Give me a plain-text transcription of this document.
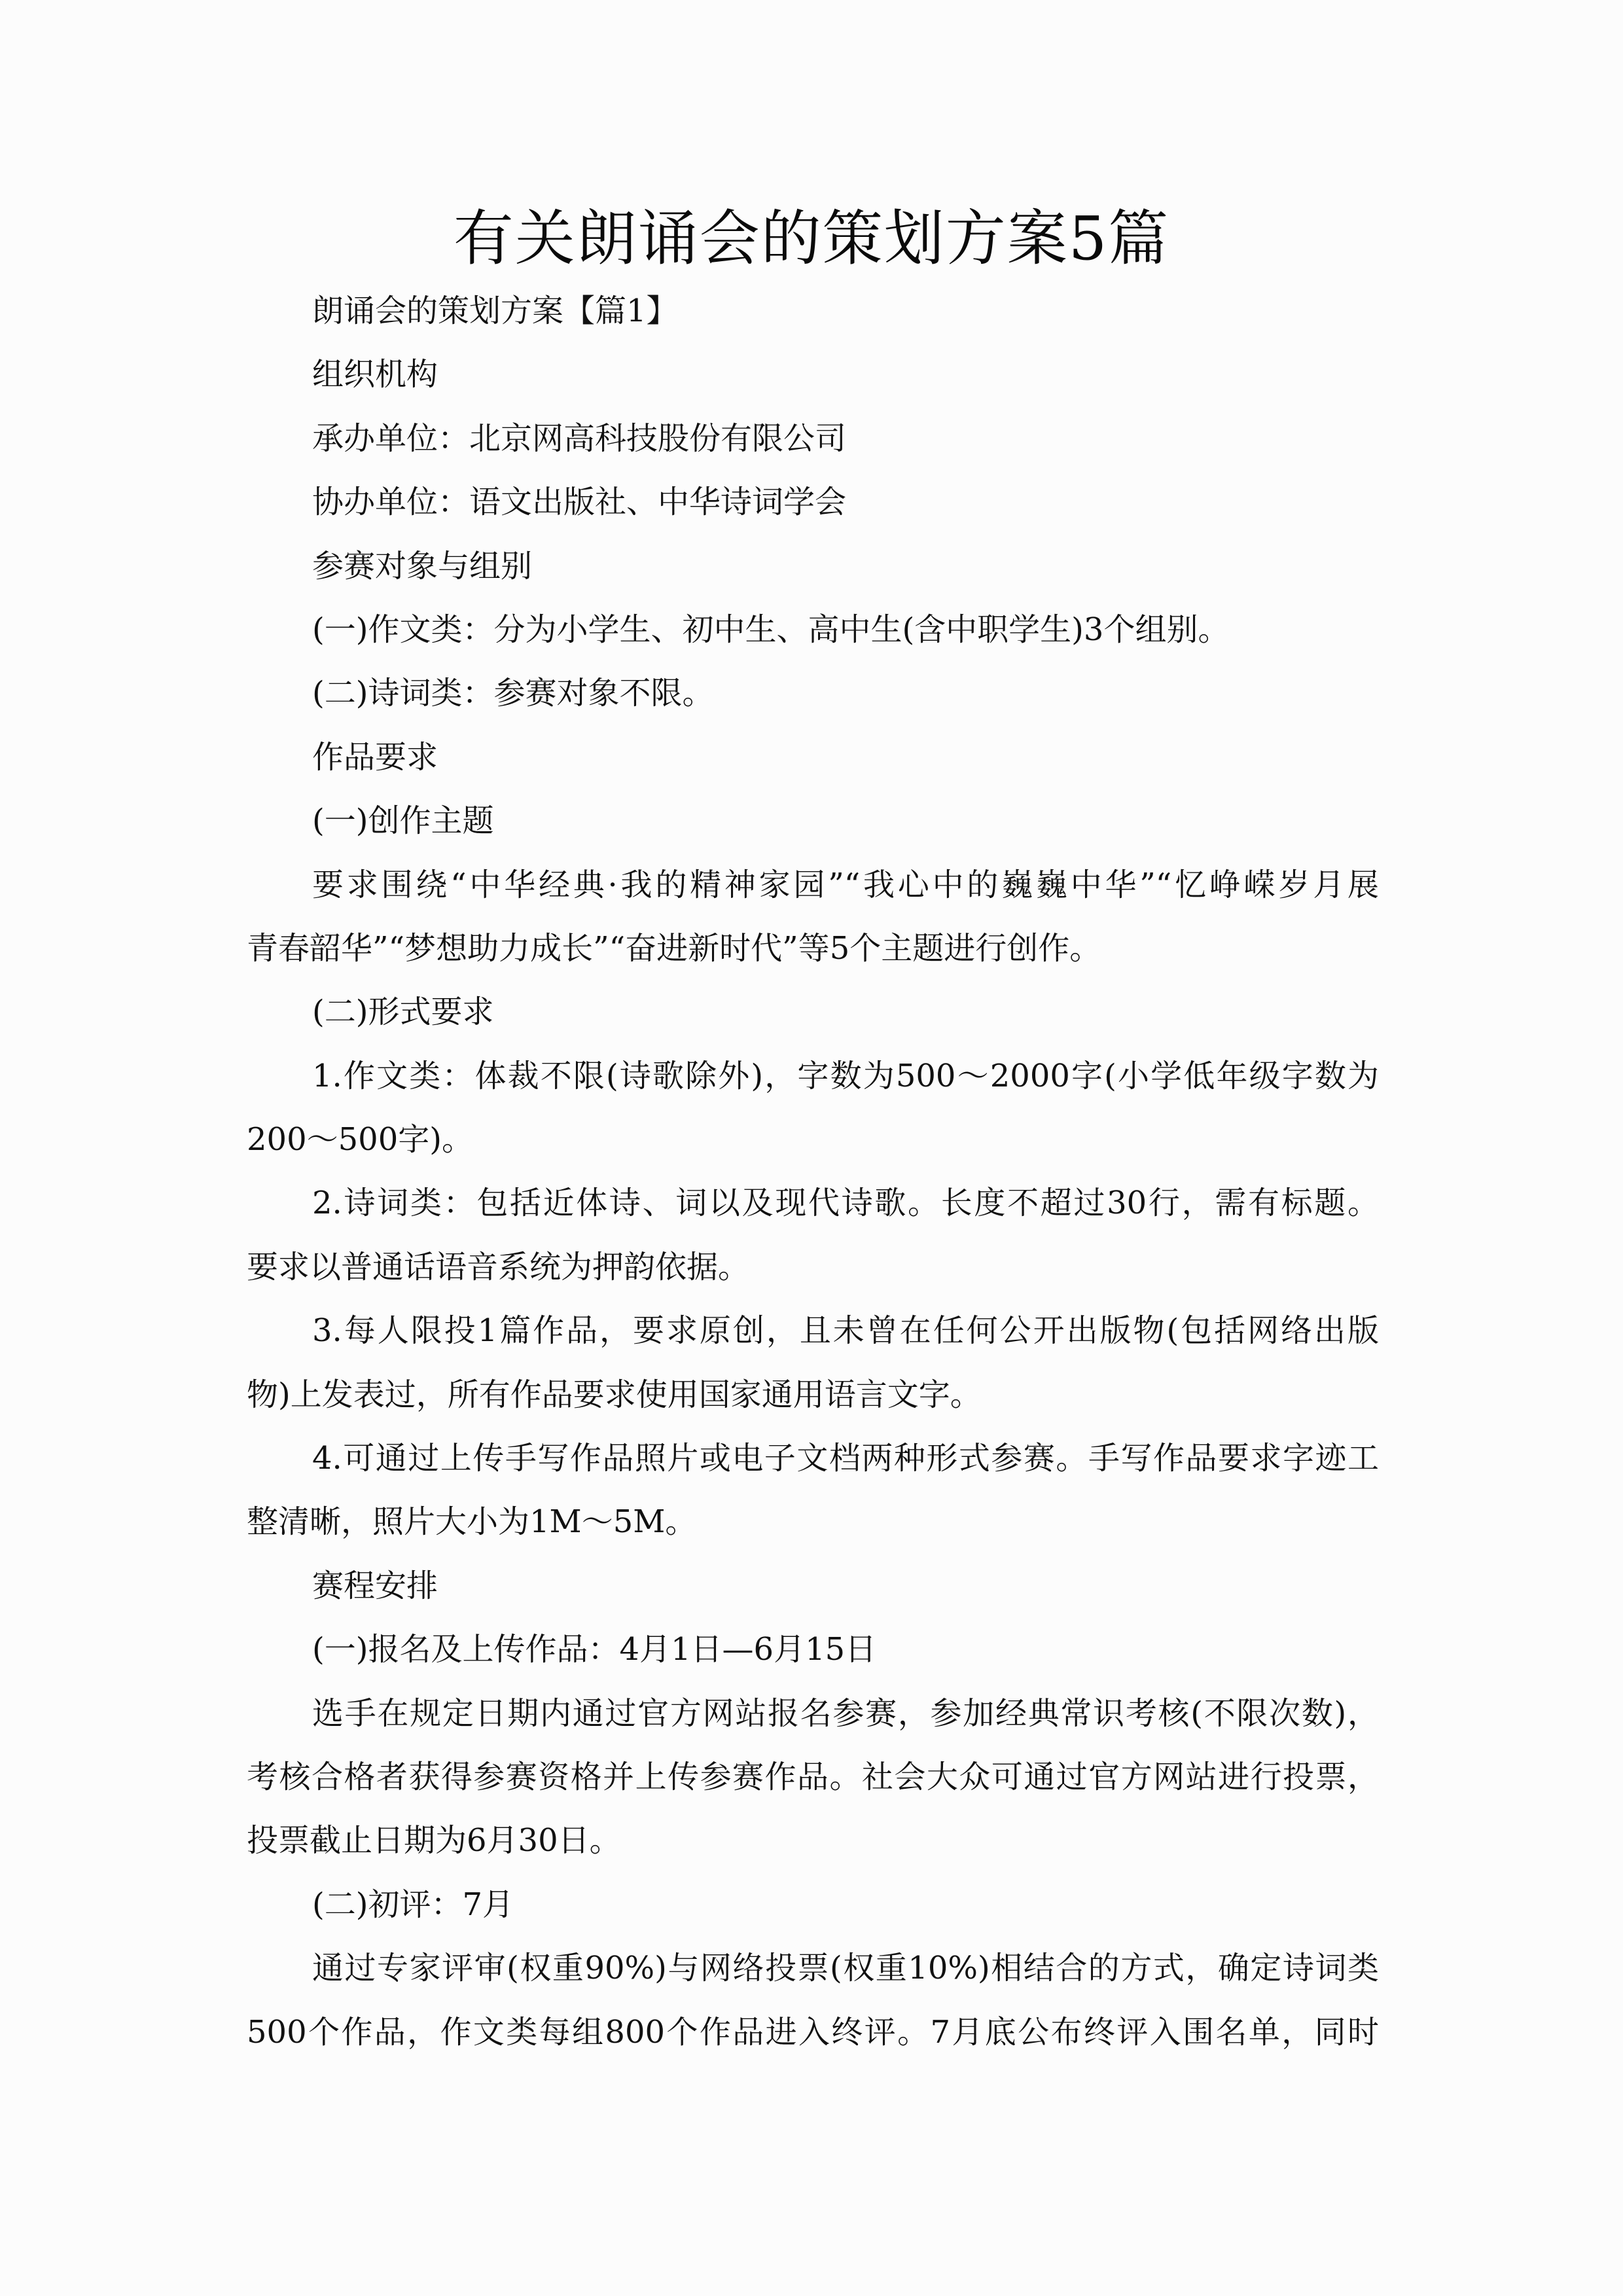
有关朗诵会的策划方案5篇
朗诵会的策划方案【篇1】
组织机构
承办单位：北京网高科技股份有限公司
协办单位：语文出版社、中华诗词学会
参赛对象与组别
(一)作文类：分为小学生、初中生、高中生(含中职学生)3个组别。
(二)诗词类：参赛对象不限。
作品要求
(一)创作主题
要求围绕“中华经典·我的精神家园”“我心中的巍巍中华”“忆峥嵘岁月展
青春韶华”“梦想助力成长”“奋进新时代”等5个主题进行创作。
(二)形式要求
1.作文类：体裁不限(诗歌除外)，字数为500～2000字(小学低年级字数为
200～500字)。
2.诗词类：包括近体诗、词以及现代诗歌。长度不超过30行，需有标题。
要求以普通话语音系统为押韵依据。
3.每人限投1篇作品，要求原创，且未曾在任何公开出版物(包括网络出版
物)上发表过，所有作品要求使用国家通用语言文字。
4.可通过上传手写作品照片或电子文档两种形式参赛。手写作品要求字迹工
整清晰，照片大小为1M～5M。
赛程安排
(一)报名及上传作品：4月1日—6月15日
选手在规定日期内通过官方网站报名参赛，参加经典常识考核(不限次数)，
考核合格者获得参赛资格并上传参赛作品。社会大众可通过官方网站进行投票，
投票截止日期为6月30日。
(二)初评：7月
通过专家评审(权重90%)与网络投票(权重10%)相结合的方式，确定诗词类
500个作品，作文类每组800个作品进入终评。7月底公布终评入围名单，同时
